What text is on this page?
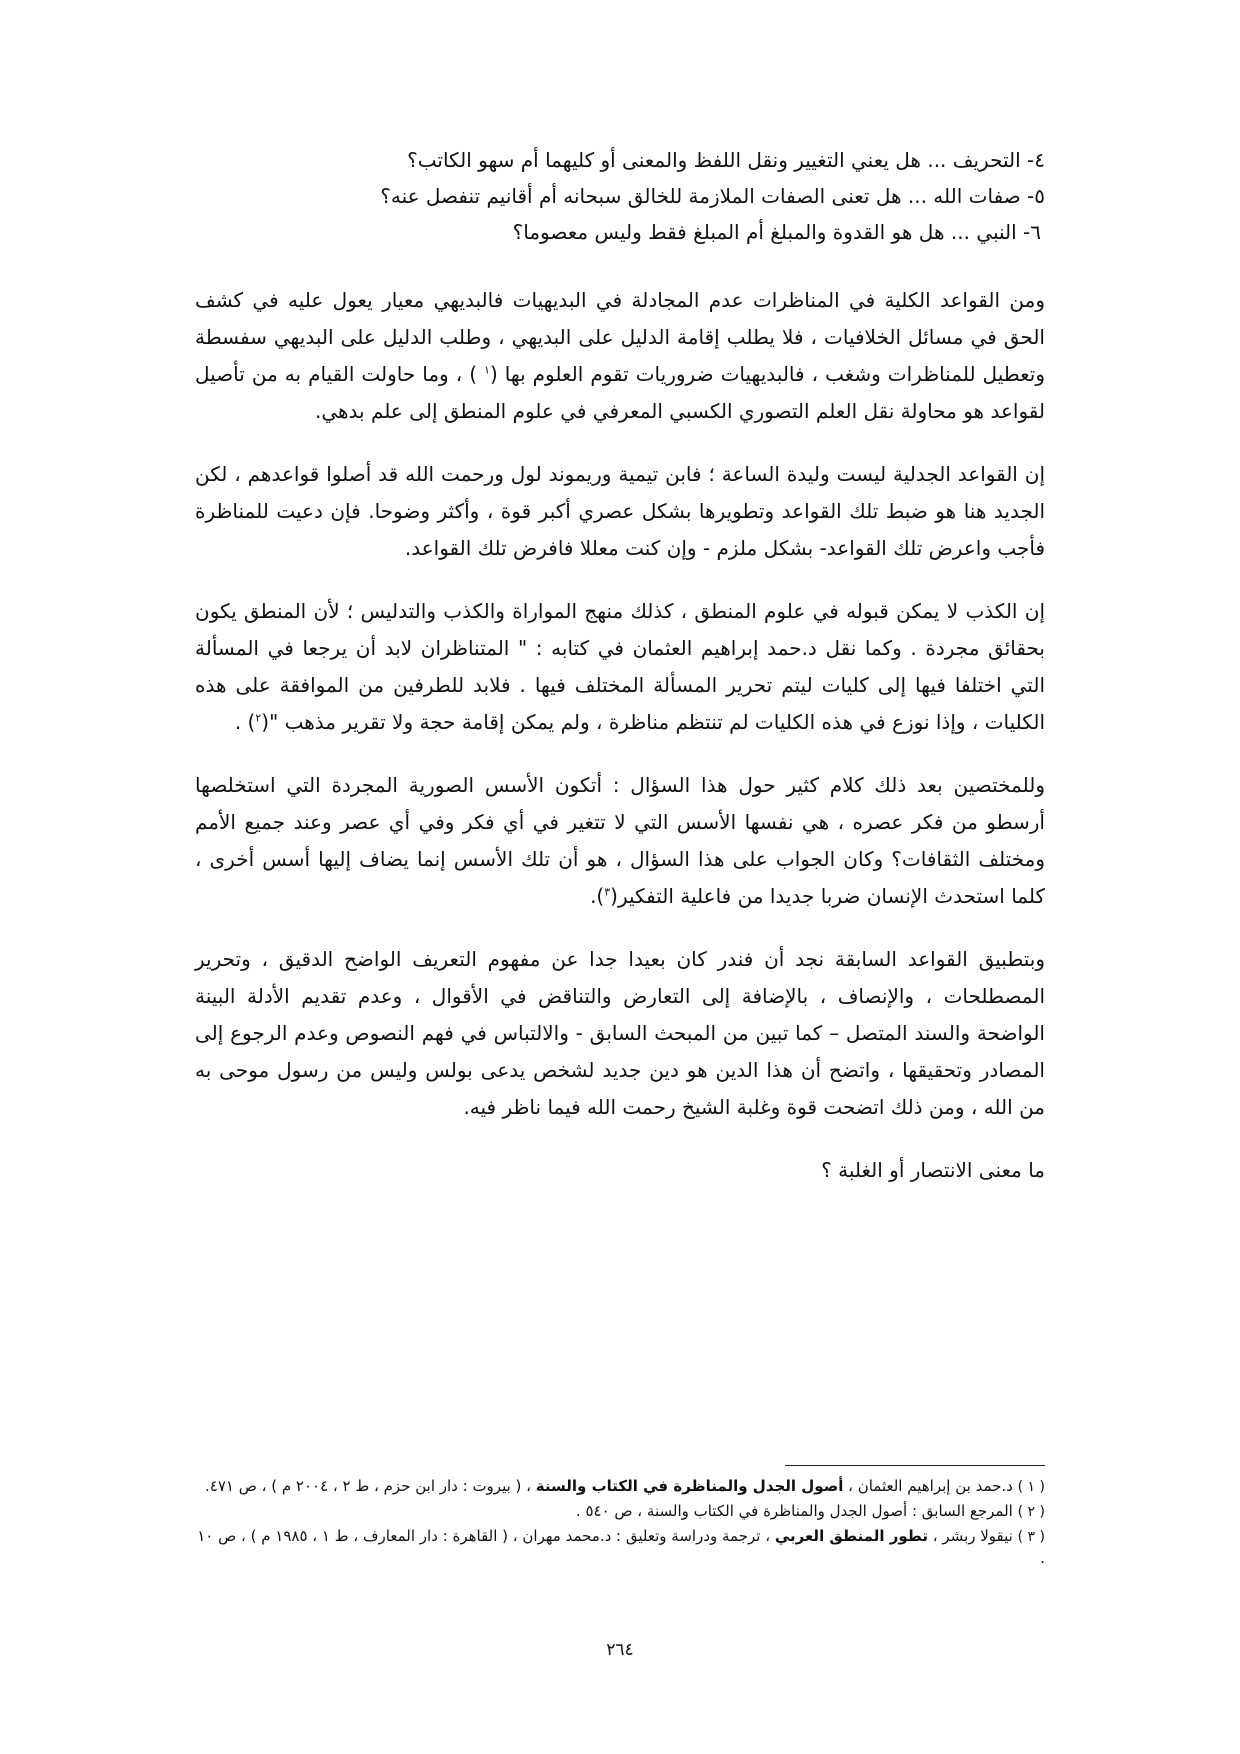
٤- التحريف ... هل يعني التغيير ونقل اللفظ والمعنى أو كليهما أم سهو الكاتب؟
٥- صفات الله ... هل تعنى الصفات الملازمة للخالق سبحانه أم أقانيم تنفصل عنه؟
٦- النبي ... هل هو القدوة والمبلغ أم المبلغ فقط وليس معصوما؟

ومن القواعد الكلية في المناظرات عدم المجادلة في البديهيات فالبديهي معيار يعول عليه في كشف الحق في مسائل الخلافيات ، فلا يطلب إقامة الدليل على البديهي ، وطلب الدليل على البديهي سفسطة وتعطيل للمناظرات وشغب ، فالبديهيات ضروريات تقوم العلوم بها ($^١$ ) ، وما حاولت القيام به من تأصيل لقواعد هو محاولة نقل العلم التصوري الكسبي المعرفي في علوم المنطق إلى علم بدهي.

إن القواعد الجدلية ليست وليدة الساعة ؛ فابن تيمية وريموند لول ورحمت الله قد أصلوا قواعدهم ، لكن الجديد هنا هو ضبط تلك القواعد وتطويرها بشكل عصري أكبر قوة ، وأكثر وضوحا. فإن دعيت للمناظرة فأجب واعرض تلك القواعد- بشكل ملزم - وإن كنت معللا فافرض تلك القواعد.

إن الكذب لا يمكن قبوله في علوم المنطق ، كذلك منهج المواراة والكذب والتدليس ؛ لأن المنطق يكون بحقائق مجردة . وكما نقل د.حمد إبراهيم العثمان في كتابه : " المتناظران لابد أن يرجعا في المسألة التي اختلفا فيها إلى كليات ليتم تحرير المسألة المختلف فيها . فلابد للطرفين من الموافقة على هذه الكليات ، وإذا نوزع في هذه الكليات لم تنتظم مناظرة ، ولم يمكن إقامة حجة ولا تقرير مذهب "($^٢$) .

وللمختصين بعد ذلك كلام كثير حول هذا السؤال : أتكون الأسس الصورية المجردة التي استخلصها أرسطو من فكر عصره ، هي نفسها الأسس التي لا تتغير في أي فكر وفي أي عصر وعند جميع الأمم ومختلف الثقافات؟ وكان الجواب على هذا السؤال ، هو أن تلك الأسس إنما يضاف إليها أسس أخرى ، كلما استحدث الإنسان ضربا جديدا من فاعلية التفكير($^٣$).

وبتطبيق القواعد السابقة نجد أن فندر كان بعيدا جدا عن مفهوم التعريف الواضح الدقيق ، وتحرير المصطلحات ، والإنصاف ، بالإضافة إلى التعارض والتناقض في الأقوال ، وعدم تقديم الأدلة البينة الواضحة والسند المتصل – كما تبين من المبحث السابق - والالتباس في فهم النصوص وعدم الرجوع إلى المصادر وتحقيقها ، واتضح أن هذا الدين هو دين جديد لشخص يدعى بولس وليس من رسول موحى به من الله ، ومن ذلك اتضحت قوة وغلبة الشيخ رحمت الله فيما ناظر فيه.

ما معنى الانتصار أو الغلبة ؟

( ١ ) د.حمد بن إبراهيم العثمان ، أصول الجدل والمناظرة في الكتاب والسنة ، ( بيروت : دار ابن حزم ، ط ٢ ، ٢٠٠٤ م ) ، ص ٤٧١.

( ٢ ) المرجع السابق : أصول الجدل والمناظرة في الكتاب والسنة ، ص ٥٤٠ .

( ٣ ) نيقولا ربشر ، تطور المنطق العربي ، ترجمة ودراسة وتعليق : د.محمد مهران ، ( القاهرة : دار المعارف ، ط ١ ، ١٩٨٥ م ) ، ص ١٠ .

٢٦٤
